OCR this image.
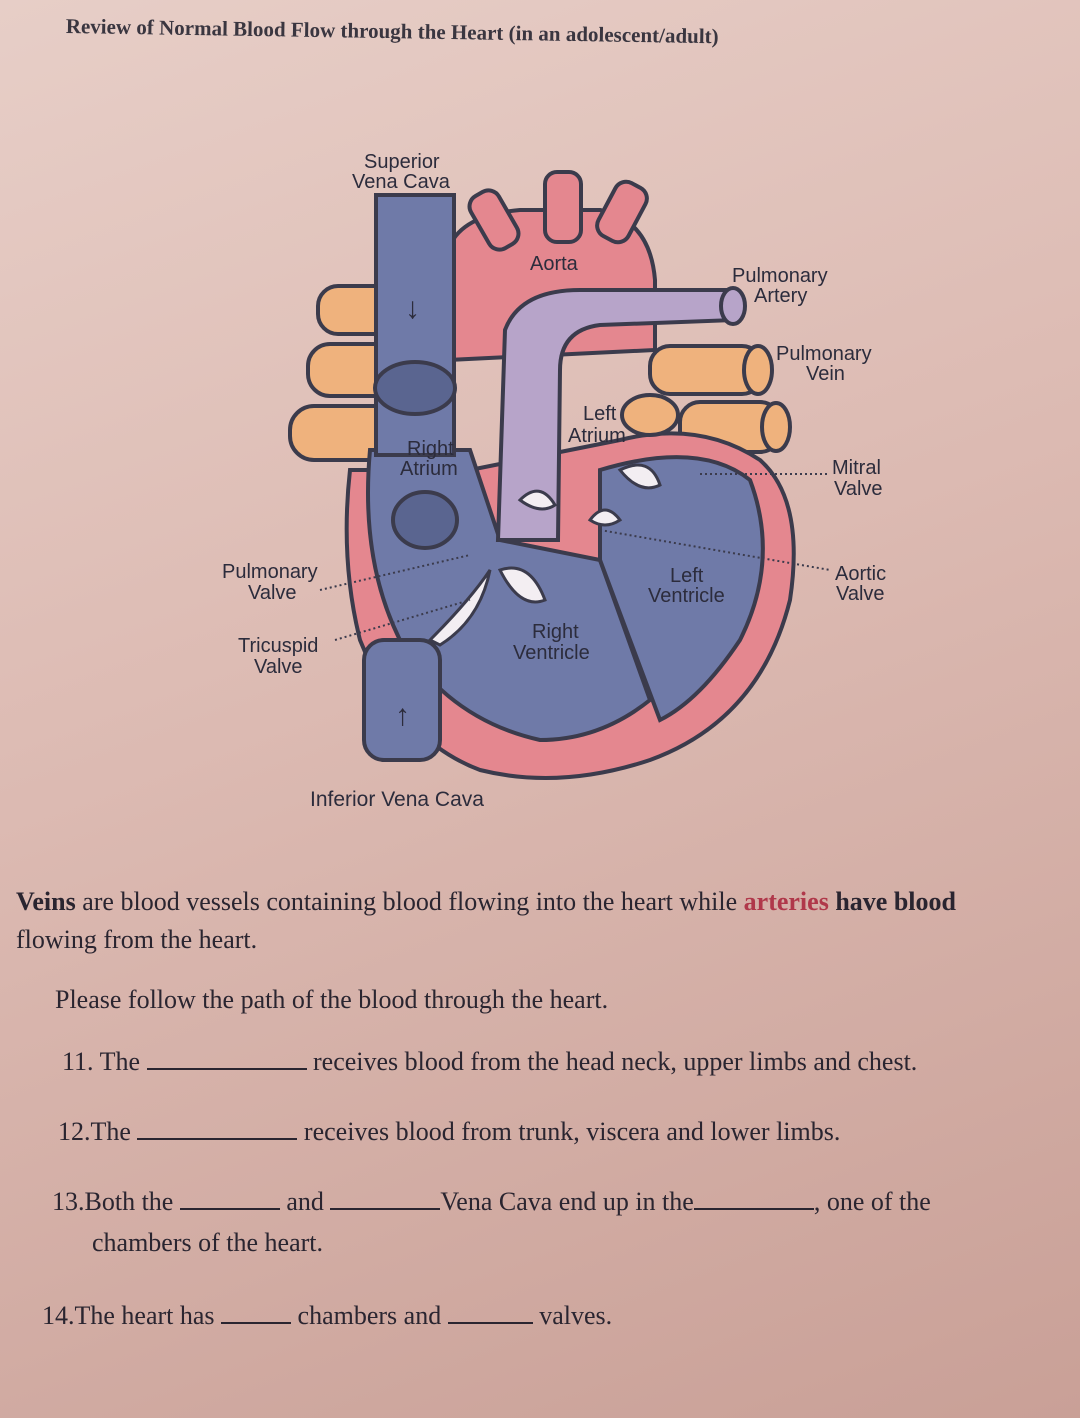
Review of Normal Blood Flow through the Heart (in an adolescent/adult)
↓
↑
Superior
Vena Cava
Aorta
Pulmonary
Artery
Pulmonary
Vein
Left
Atrium
Right
Atrium	Mitral
Valve
Pulmonary
Valve
Aortic
Valve
Left
Ventricle
Tricuspid
Valve
Right
Ventricle
Inferior Vena Cava
Veins are blood vessels containing blood flowing into the heart while arteries have blood flowing from the heart.
Please follow the path of the blood through the heart.
11. The	receives blood from the head neck, upper limbs and chest.
12.The	receives blood from trunk, viscera and lower limbs.
13.Both the	and	Vena Cava end up in the	, one of the
chambers of the heart.
14.The heart has	chambers and	valves.
